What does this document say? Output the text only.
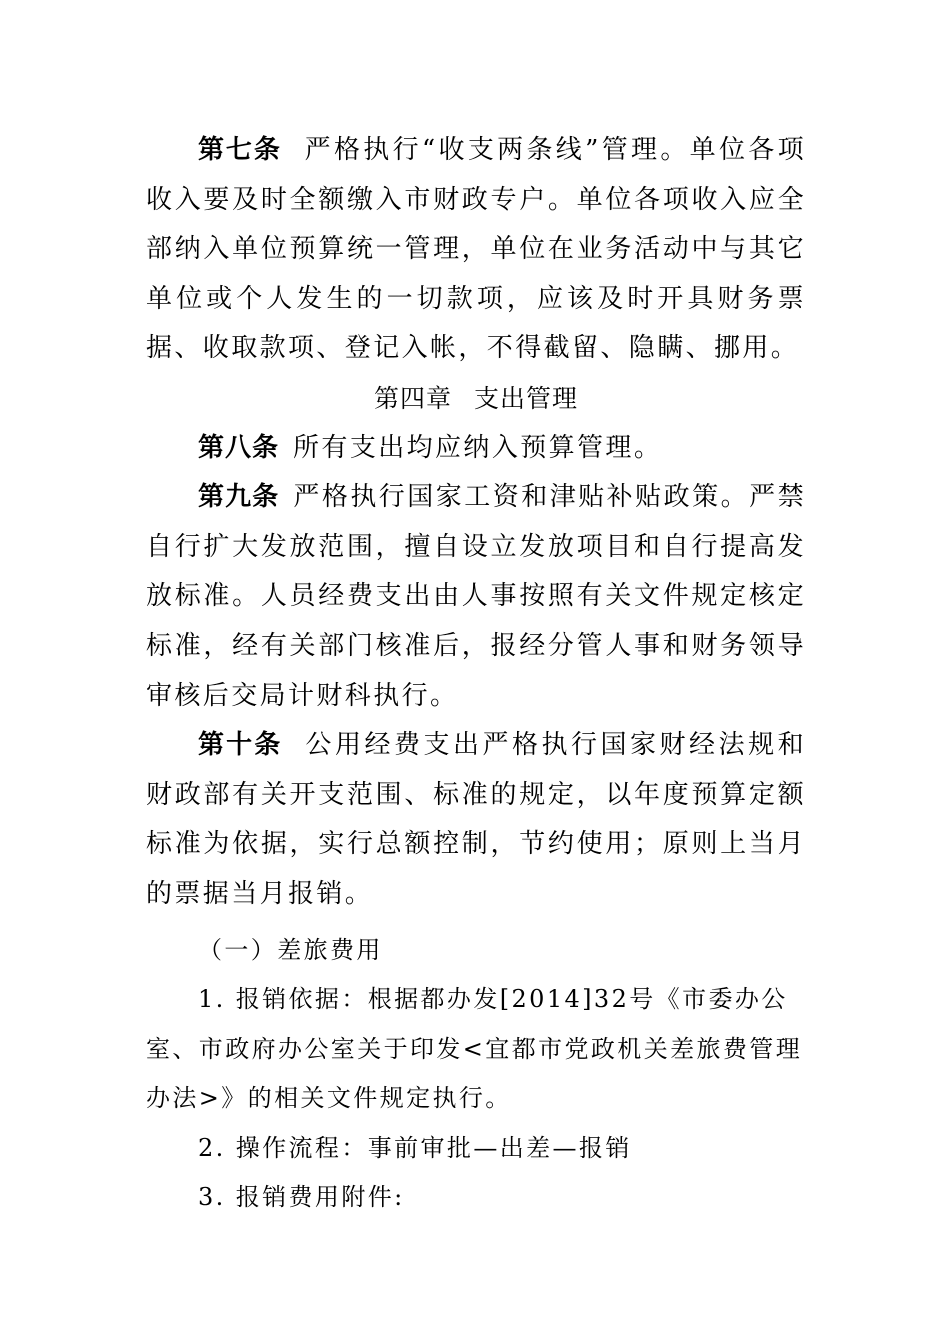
第七条 严格执行“收支两条线”管理。单位各项收入要及时全额缴入市财政专户。单位各项收入应全部纳入单位预算统一管理，单位在业务活动中与其它单位或个人发生的一切款项，应该及时开具财务票据、收取款项、登记入帐，不得截留、隐瞒、挪用。

第四章 支出管理

第八条 所有支出均应纳入预算管理。

第九条 严格执行国家工资和津贴补贴政策。严禁自行扩大发放范围，擅自设立发放项目和自行提高发放标准。人员经费支出由人事按照有关文件规定核定标准，经有关部门核准后，报经分管人事和财务领导审核后交局计财科执行。

第十条 公用经费支出严格执行国家财经法规和财政部有关开支范围、标准的规定，以年度预算定额标准为依据，实行总额控制，节约使用；原则上当月的票据当月报销。

（一）差旅费用

1. 报销依据：根据都办发[2014]32号《市委办公室、市政府办公室关于印发<宜都市党政机关差旅费管理办法>》的相关文件规定执行。

2. 操作流程：事前审批—出差—报销

3. 报销费用附件:
